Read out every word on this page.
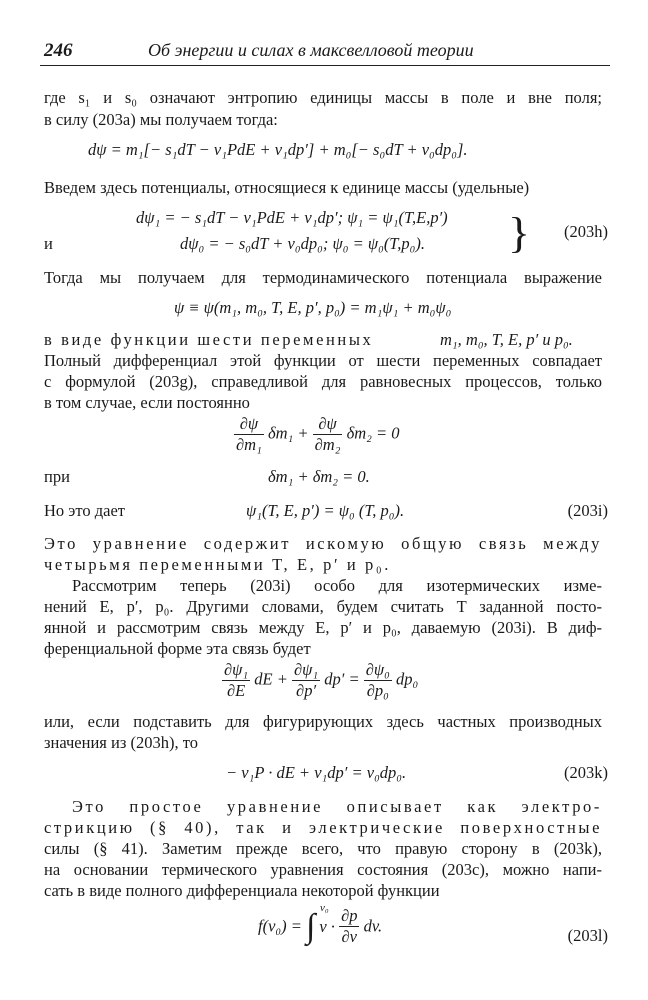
246	Об энергии и силах в максвелловой теории
где s₁ и s₀ означают энтропию единицы массы в поле и вне поля;
в силу (203a) мы получаем тогда:
dψ = m₁[− s₁dT − v₁PdE + v₁dp′] + m₀[− s₀dT + v₀dp₀].
Введем здесь потенциалы, относящиеся к единице массы (удельные)
dψ₁ = − s₁dT − v₁PdE + v₁dp′; ψ₁ = ψ₁(T,E,p′)
и	dψ₀ = − s₀dT + v₀dp₀; ψ₀ = ψ₀(T,p₀). } (203h)
Тогда мы получаем для термодинамического потенциала выражение
ψ ≡ ψ(m₁, m₀, T, E, p′, p₀) = m₁ψ₁ + m₀ψ₀
в виде функции шести переменных	m₁, m₀, T, E, p′ и p₀.
Полный дифференциал этой функции от шести переменных совпадает
с формулой (203g), справедливой для равновесных процессов, только
в том случае, если постоянно
$\frac{\partial\psi}{\text{∂m₁}} \delta m_1 + \frac{\partial\psi}{\text{∂m₂}} \delta m_2 = 0$
при	δm₁ + δm₂ = 0.
Но это дает	ψ₁(T, E, p′) = ψ₀ (T, p₀).	(203i)
Это уравнение содержит искомую общую связь между
четырьмя переменными T, E, p′ и p₀.
Рассмотрим теперь (203i) особо для изотермических изме-
нений E, p′, p₀. Другими словами, будем считать T заданной посто-
янной и рассмотрим связь между E, p′ и p₀, даваемую (203i). В диф-
ференциальной форме эта связь будет
$\frac{\text{∂ψ₁}}{\partial E}$ dE + $\frac{\text{∂ψ₁}}{\partial p'} dp' = \frac{\text{∂ψ₀}}{\text{∂p₀}} dp_0$
или, если подставить для фигурирующих здесь частных производных
значения из (203h), то
− v₁P · dE + v₁dp′ = v₀dp₀.	(203k)
Это простое уравнение описывает как электро-
стрикцию (§ 40), так и электрические поверхностные
силы (§ 41). Заметим прежде всего, что правую сторону в (203k),
на основании термического уравнения состояния (203c), можно напи-
сать в виде полного дифференциала некоторой функции
f(v₀) = ∫ v₀
$v \cdot \frac{\partial p}{\partial v}$ dv.	(203l)
